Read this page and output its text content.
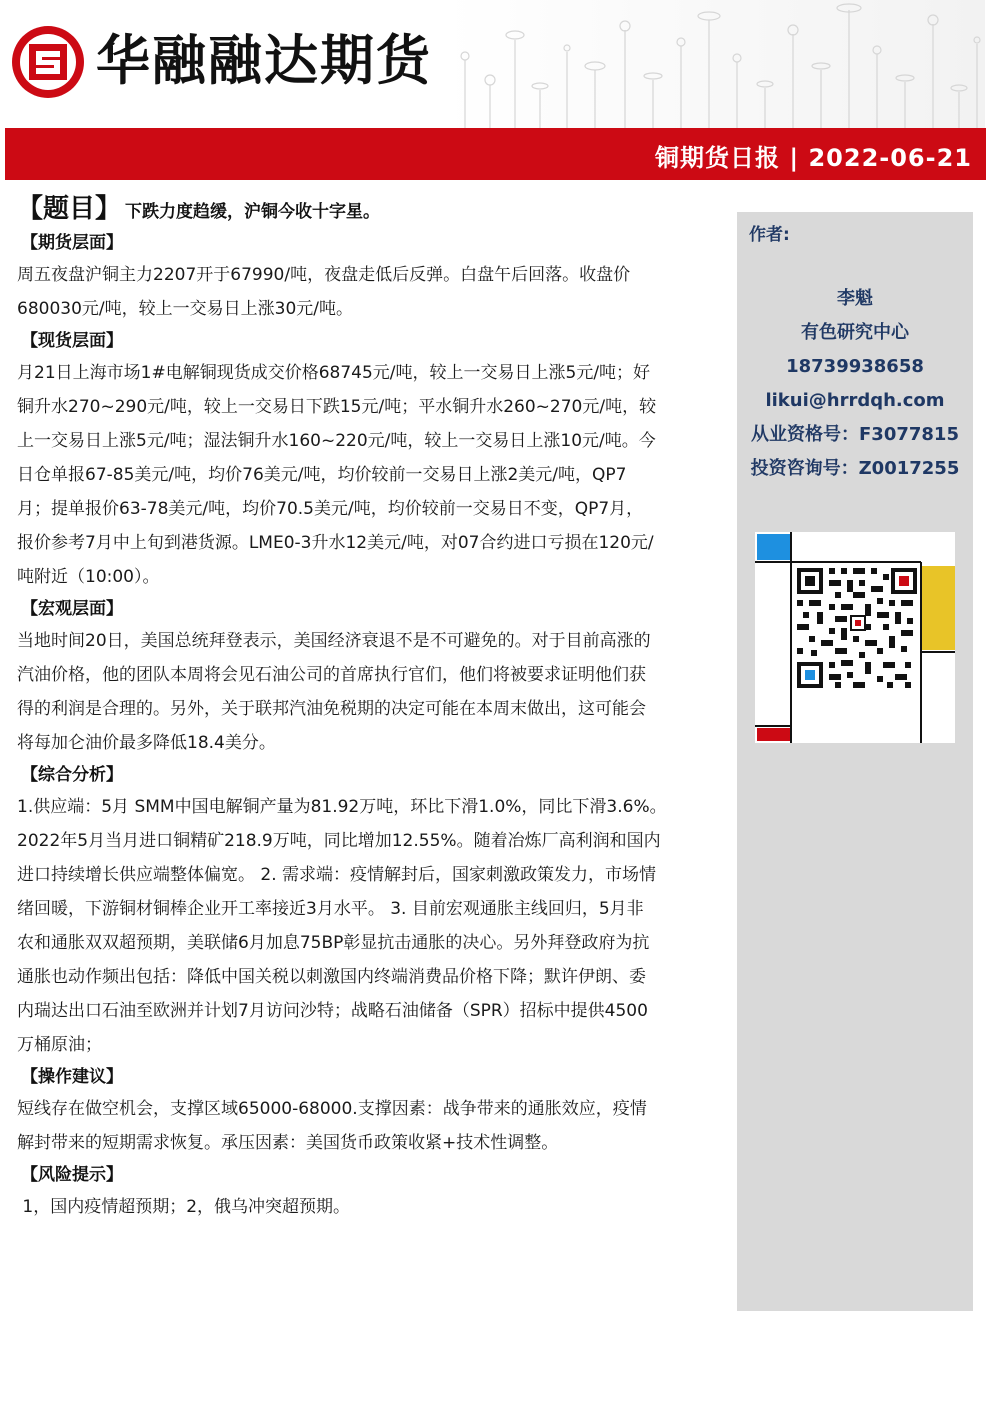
华融融达期货
铜期货日报 | 2022-06-21
【题目】 下跌力度趋缓，沪铜今收十字星。
【期货层面】
周五夜盘沪铜主力2207开于67990/吨，夜盘走低后反弹。白盘午后回落。收盘价
680030元/吨，较上一交易日上涨30元/吨。
【现货层面】
月21日上海市场1#电解铜现货成交价格68745元/吨，较上一交易日上涨5元/吨；好
铜升水270~290元/吨，较上一交易日下跌15元/吨；平水铜升水260~270元/吨，较
上一交易日上涨5元/吨；湿法铜升水160~220元/吨，较上一交易日上涨10元/吨。今
日仓单报67-85美元/吨，均价76美元/吨，均价较前一交易日上涨2美元/吨，QP7
月；提单报价63-78美元/吨，均价70.5美元/吨，均价较前一交易日不变，QP7月，
报价参考7月中上旬到港货源。LME0-3升水12美元/吨，对07合约进口亏损在120元/
吨附近（10:00）。
【宏观层面】
当地时间20日，美国总统拜登表示，美国经济衰退不是不可避免的。对于目前高涨的
汽油价格，他的团队本周将会见石油公司的首席执行官们，他们将被要求证明他们获
得的利润是合理的。另外，关于联邦汽油免税期的决定可能在本周末做出，这可能会
将每加仑油价最多降低18.4美分。
【综合分析】
1.供应端：5月 SMM中国电解铜产量为81.92万吨，环比下滑1.0%，同比下滑3.6%。
2022年5月当月进口铜精矿218.9万吨，同比增加12.55%。随着冶炼厂高利润和国内
进口持续增长供应端整体偏宽。 2. 需求端：疫情解封后，国家刺激政策发力，市场情
绪回暖，下游铜材铜棒企业开工率接近3月水平。 3. 目前宏观通胀主线回归，5月非
农和通胀双双超预期，美联储6月加息75BP彰显抗击通胀的决心。另外拜登政府为抗
通胀也动作频出包括：降低中国关税以刺激国内终端消费品价格下降；默许伊朗、委
内瑞达出口石油至欧洲并计划7月访问沙特；战略石油储备（SPR）招标中提供4500
万桶原油；
【操作建议】
短线存在做空机会，支撑区域65000-68000.支撑因素：战争带来的通胀效应，疫情
解封带来的短期需求恢复。承压因素：美国货币政策收紧+技术性调整。
【风险提示】
1，国内疫情超预期；2，俄乌冲突超预期。
作者:
李魁
有色研究中心
18739938658
likui@hrrdqh.com
从业资格号：F3077815
投资咨询号：Z0017255
